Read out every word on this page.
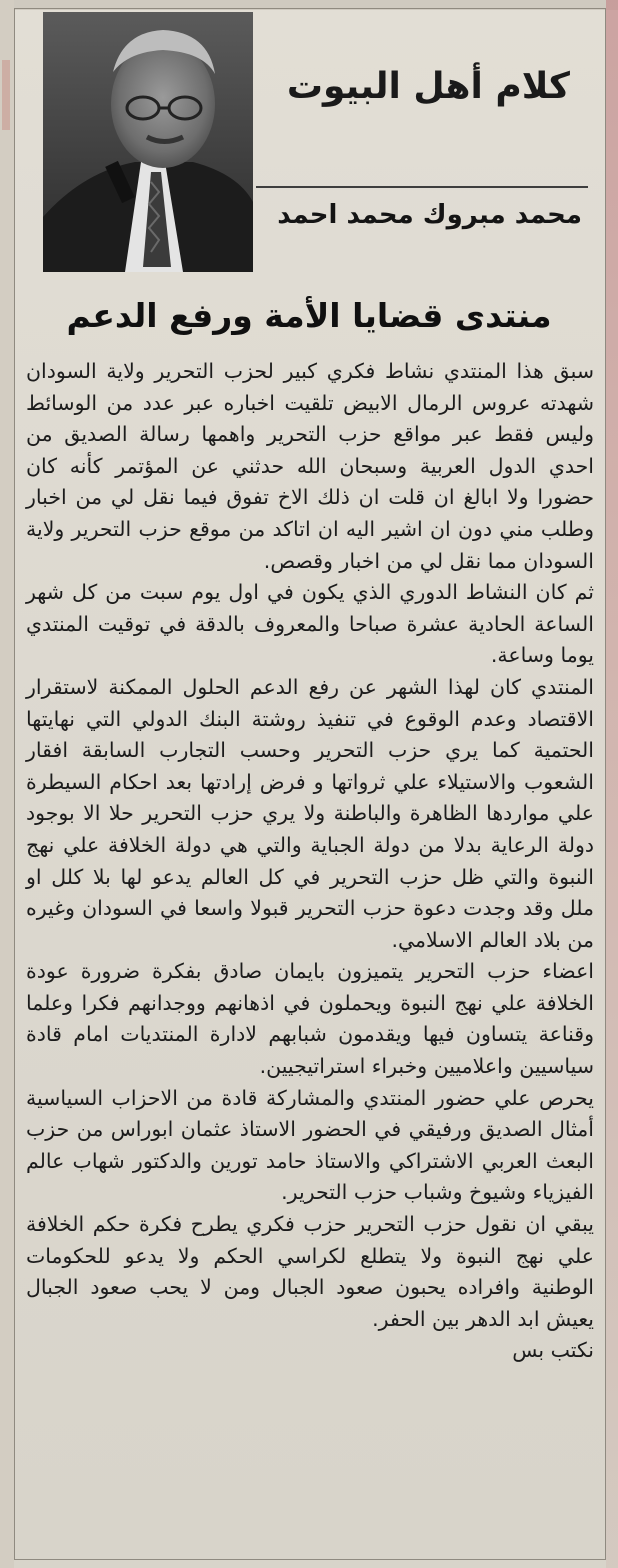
كلام أهل البيوت
محمد مبروك محمد احمد
منتدى قضايا الأمة ورفع الدعم

سبق هذا المنتدي نشاط فكري كبير لحزب التحرير ولاية السودان شهدته عروس الرمال الابيض تلقيت اخباره عبر عدد من الوسائط وليس فقط عبر مواقع حزب التحرير واهمها رسالة الصديق من احدي الدول العربية وسبحان الله حدثني عن المؤتمر كأنه كان حضورا ولا ابالغ ان قلت ان ذلك الاخ تفوق فيما نقل لي من اخبار وطلب مني دون ان اشير اليه ان اتاكد من موقع حزب التحرير ولاية السودان مما نقل لي من اخبار وقصص.

ثم كان النشاط الدوري الذي يكون في اول يوم سبت من كل شهر الساعة الحادية عشرة صباحا والمعروف بالدقة في توقيت المنتدي يوما وساعة.

المنتدي كان لهذا الشهر عن رفع الدعم الحلول الممكنة لاستقرار الاقتصاد وعدم الوقوع في تنفيذ روشتة البنك الدولي التي نهايتها الحتمية كما يري حزب التحرير وحسب التجارب السابقة افقار الشعوب والاستيلاء علي ثرواتها و فرض إرادتها بعد احكام السيطرة علي مواردها الظاهرة والباطنة ولا يري حزب التحرير حلا الا بوجود دولة الرعاية بدلا من دولة الجباية والتي هي دولة الخلافة علي نهج النبوة والتي ظل حزب التحرير في كل العالم يدعو لها بلا كلل او ملل وقد وجدت دعوة حزب التحرير قبولا واسعا في السودان وغيره من بلاد العالم الاسلامي.

اعضاء حزب التحرير يتميزون بايمان صادق بفكرة ضرورة عودة الخلافة علي نهج النبوة ويحملون في اذهانهم ووجدانهم فكرا وعلما وقناعة يتساون فيها ويقدمون شبابهم لادارة المنتديات امام قادة سياسيين واعلاميين وخبراء استراتيجيين.

يحرص علي حضور المنتدي والمشاركة قادة من الاحزاب السياسية أمثال الصديق ورفيقي في الحضور الاستاذ عثمان ابوراس من حزب البعث العربي الاشتراكي والاستاذ حامد تورين والدكتور شهاب عالم الفيزياء وشيوخ وشباب حزب التحرير.

يبقي ان نقول حزب التحرير حزب فكري يطرح فكرة حكم الخلافة علي نهج النبوة ولا يتطلع لكراسي الحكم ولا يدعو للحكومات الوطنية وافراده يحبون صعود الجبال ومن لا يحب صعود الجبال يعيش ابد الدهر بين الحفر.

نكتب بس
